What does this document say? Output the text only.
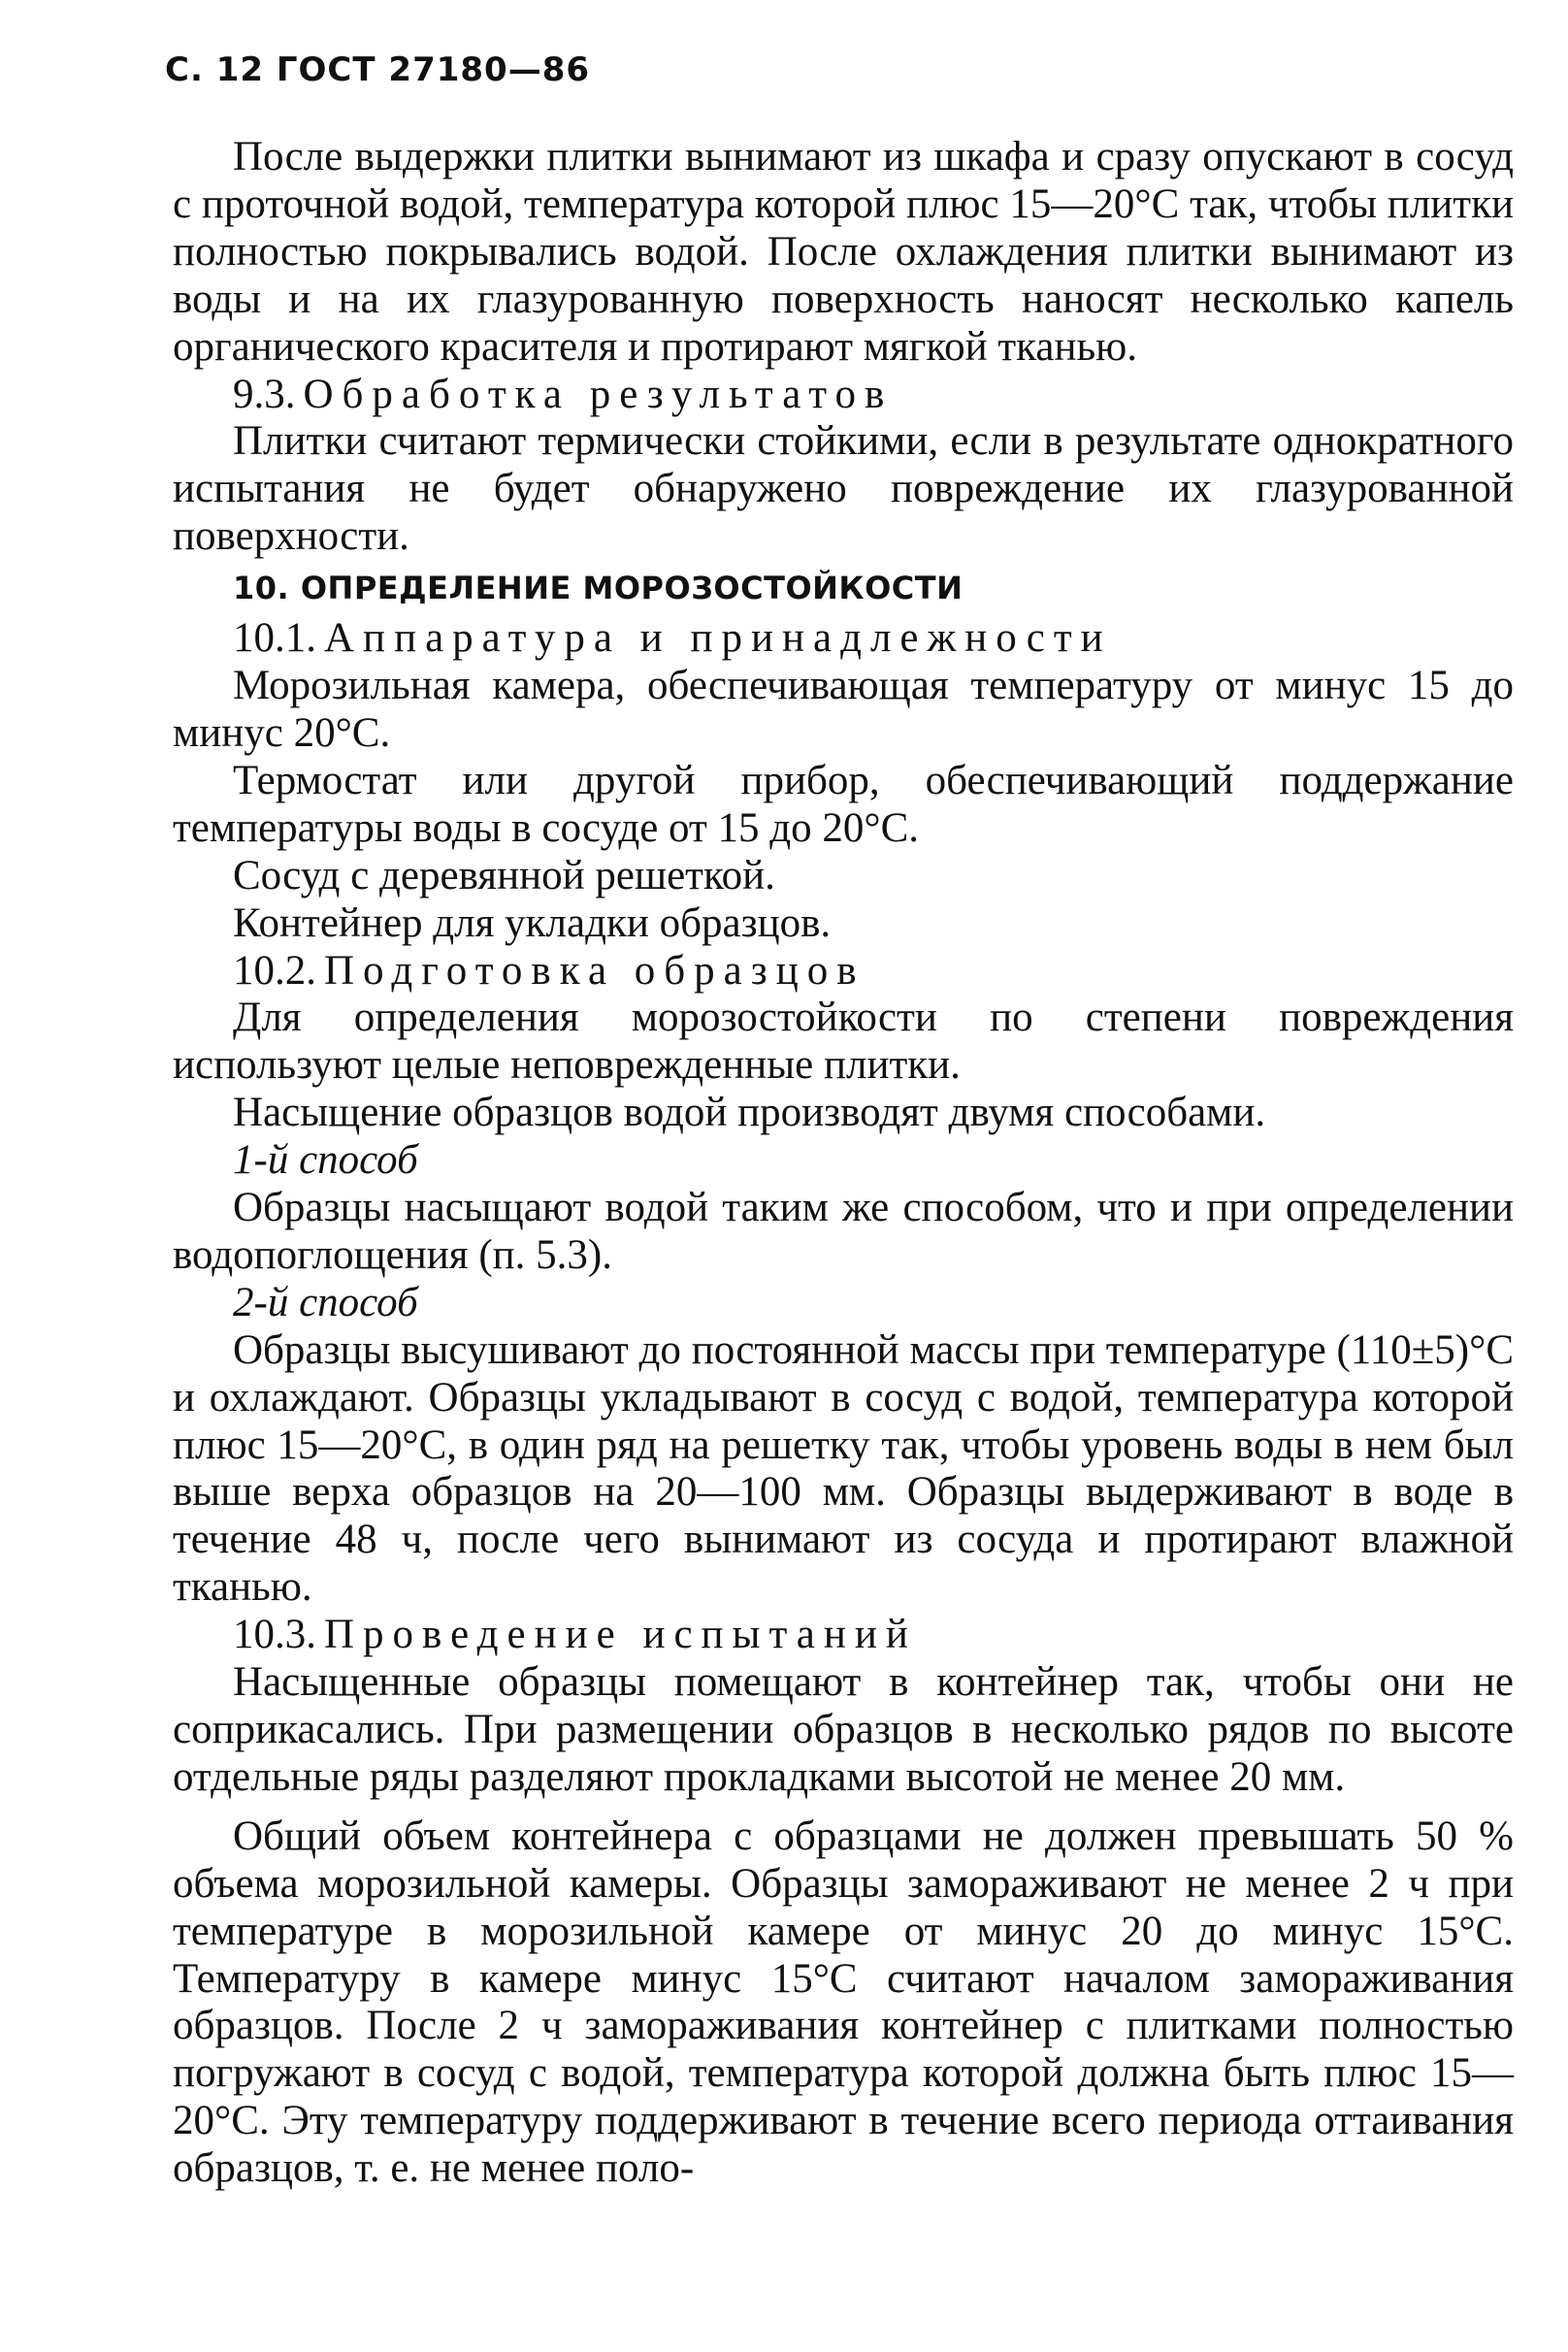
С. 12 ГОСТ 27180—86

После выдержки плитки вынимают из шкафа и сразу опускают в сосуд с проточной водой, температура которой плюс 15—20°С так, чтобы плитки полностью покрывались водой. После охлаждения плитки вынимают из воды и на их глазурованную поверхность наносят несколько капель органического красителя и протирают мягкой тканью.

9.3. Обработка результатов

Плитки считают термически стойкими, если в результате однократного испытания не будет обнаружено повреждение их глазурованной поверхности.

10. ОПРЕДЕЛЕНИЕ МОРОЗОСТОЙКОСТИ

10.1. Аппаратура и принадлежности

Морозильная камера, обеспечивающая температуру от минус 15 до минус 20°С.

Термостат или другой прибор, обеспечивающий поддержание температуры воды в сосуде от 15 до 20°С.

Сосуд с деревянной решеткой.

Контейнер для укладки образцов.

10.2. Подготовка образцов

Для определения морозостойкости по степени повреждения используют целые неповрежденные плитки.

Насыщение образцов водой производят двумя способами.

1-й способ

Образцы насыщают водой таким же способом, что и при определении водопоглощения (п. 5.3).

2-й способ

Образцы высушивают до постоянной массы при температуре (110±5)°С и охлаждают. Образцы укладывают в сосуд с водой, температура которой плюс 15—20°С, в один ряд на решетку так, чтобы уровень воды в нем был выше верха образцов на 20—100 мм. Образцы выдерживают в воде в течение 48 ч, после чего вынимают из сосуда и протирают влажной тканью.

10.3. Проведение испытаний

Насыщенные образцы помещают в контейнер так, чтобы они не соприкасались. При размещении образцов в несколько рядов по высоте отдельные ряды разделяют прокладками высотой не менее 20 мм.

Общий объем контейнера с образцами не должен превышать 50 % объема морозильной камеры. Образцы замораживают не менее 2 ч при температуре в морозильной камере от минус 20 до минус 15°С. Температуру в камере минус 15°С считают началом замораживания образцов. После 2 ч замораживания контейнер с плитками полностью погружают в сосуд с водой, температура которой должна быть плюс 15—20°С. Эту температуру поддерживают в течение всего периода оттаивания образцов, т. е. не менее поло-
